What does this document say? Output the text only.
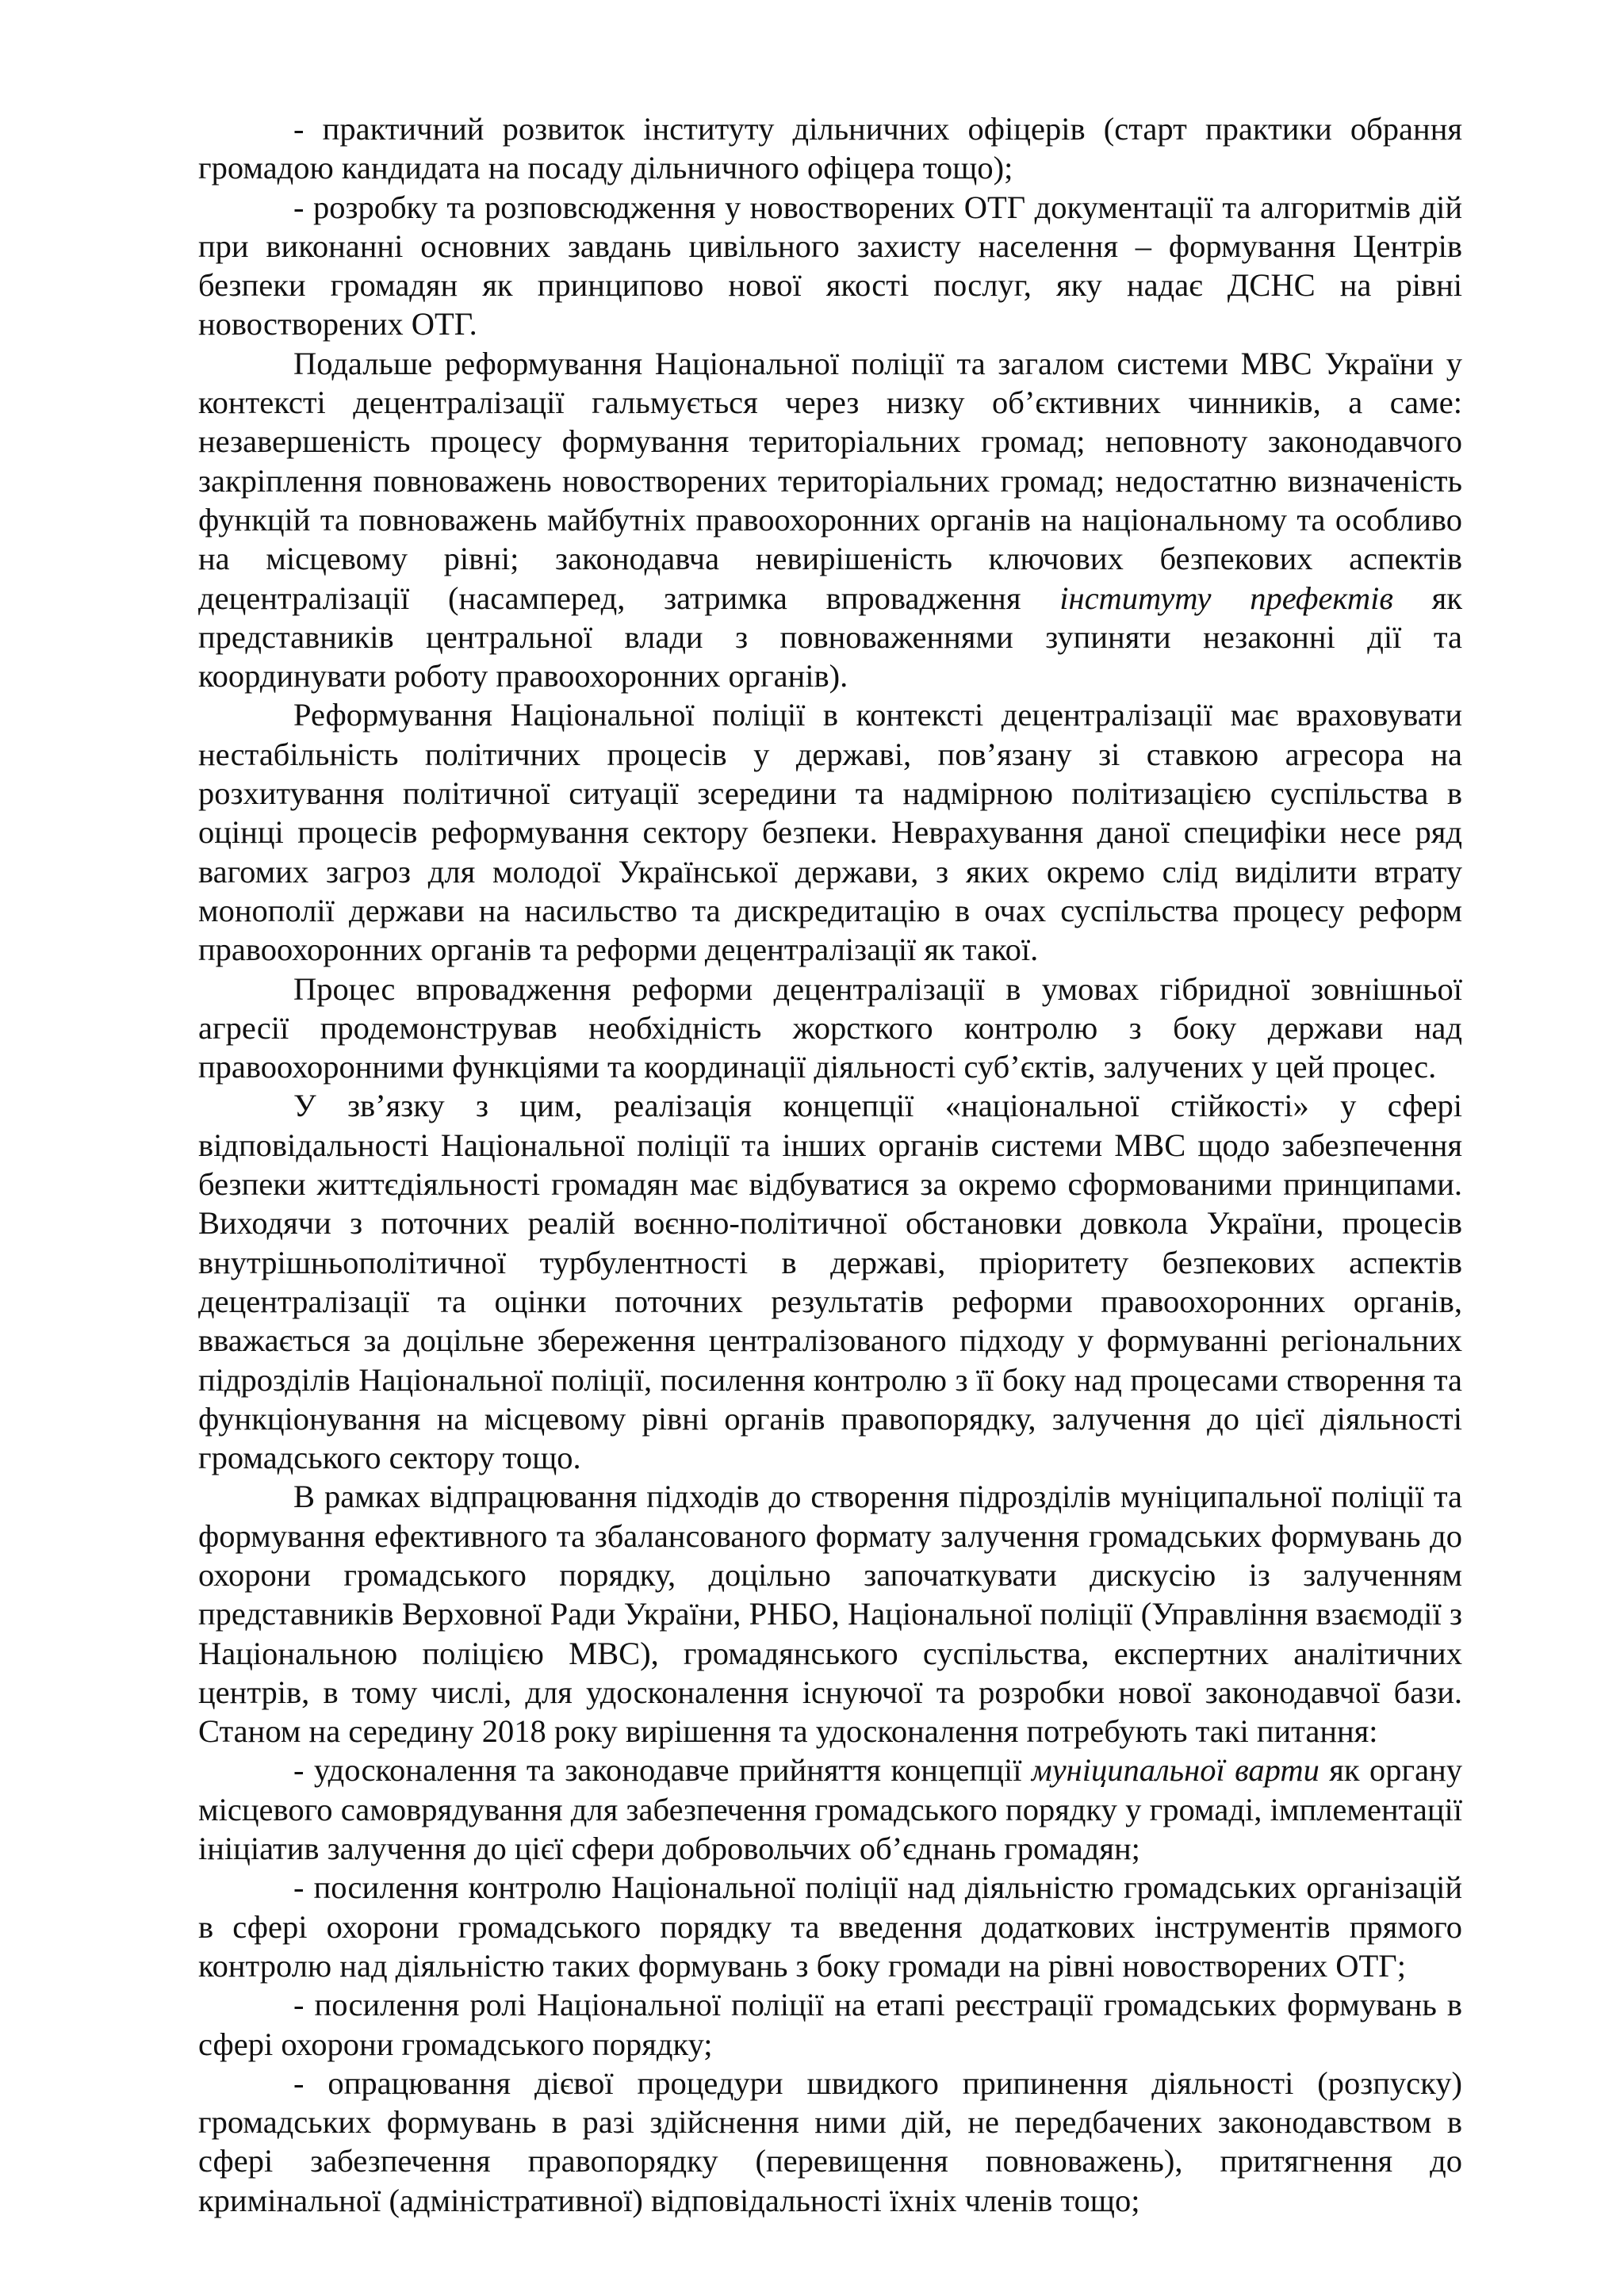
- практичний розвиток інституту дільничних офіцерів (старт практики обрання громадою кандидата на посаду дільничного офіцера тощо);

- розробку та розповсюдження у новостворених ОТГ документації та алгоритмів дій при виконанні основних завдань цивільного захисту населення – формування Центрів безпеки громадян як принципово нової якості послуг, яку надає ДСНС на рівні новостворених ОТГ.

Подальше реформування Національної поліції та загалом системи МВС України у контексті децентралізації гальмується через низку об’єктивних чинників, а саме: незавершеність процесу формування територіальних громад; неповноту законодавчого закріплення повноважень новостворених територіальних громад; недостатню визначеність функцій та повноважень майбутніх правоохоронних органів на національному та особливо на місцевому рівні; законодавча невирішеність ключових безпекових аспектів децентралізації (насамперед, затримка впровадження інституту префектів як представників центральної влади з повноваженнями зупиняти незаконні дії та координувати роботу правоохоронних органів).

Реформування Національної поліції в контексті децентралізації має враховувати нестабільність політичних процесів у державі, пов’язану зі ставкою агресора на розхитування політичної ситуації зсередини та надмірною політизацією суспільства в оцінці процесів реформування сектору безпеки. Неврахування даної специфіки несе ряд вагомих загроз для молодої Української держави, з яких окремо слід виділити втрату монополії держави на насильство та дискредитацію в очах суспільства процесу реформ правоохоронних органів та реформи децентралізації як такої.

Процес впровадження реформи децентралізації в умовах гібридної зовнішньої агресії продемонстрував необхідність жорсткого контролю з боку держави над правоохоронними функціями та координації діяльності суб’єктів, залучених у цей процес.

У зв’язку з цим, реалізація концепції «національної стійкості» у сфері відповідальності Національної поліції та інших органів системи МВС щодо забезпечення безпеки життєдіяльності громадян має відбуватися за окремо сформованими принципами. Виходячи з поточних реалій воєнно-політичної обстановки довкола України, процесів внутрішньополітичної турбулентності в державі, пріоритету безпекових аспектів децентралізації та оцінки поточних результатів реформи правоохоронних органів, вважається за доцільне збереження централізованого підходу у формуванні регіональних підрозділів Національної поліції, посилення контролю з її боку над процесами створення та функціонування на місцевому рівні органів правопорядку, залучення до цієї діяльності громадського сектору тощо.

В рамках відпрацювання підходів до створення підрозділів муніципальної поліції та формування ефективного та збалансованого формату залучення громадських формувань до охорони громадського порядку, доцільно започаткувати дискусію із залученням представників Верховної Ради України, РНБО, Національної поліції (Управління взаємодії з Національною поліцією МВС), громадянського суспільства, експертних аналітичних центрів, в тому числі, для удосконалення існуючої та розробки нової законодавчої бази. Станом на середину 2018 року вирішення та удосконалення потребують такі питання:

- удосконалення та законодавче прийняття концепції муніципальної варти як органу місцевого самоврядування для забезпечення громадського порядку у громаді, імплементації ініціатив залучення до цієї сфери добровольчих об’єднань громадян;

- посилення контролю Національної поліції над діяльністю громадських організацій в сфері охорони громадського порядку та введення додаткових інструментів прямого контролю над діяльністю таких формувань з боку громади на рівні новостворених ОТГ;

- посилення ролі Національної поліції на етапі реєстрації громадських формувань в сфері охорони громадського порядку;

- опрацювання дієвої процедури швидкого припинення діяльності (розпуску) громадських формувань в разі здійснення ними дій, не передбачених законодавством в сфері забезпечення правопорядку (перевищення повноважень), притягнення до кримінальної (адміністративної) відповідальності їхніх членів тощо;
